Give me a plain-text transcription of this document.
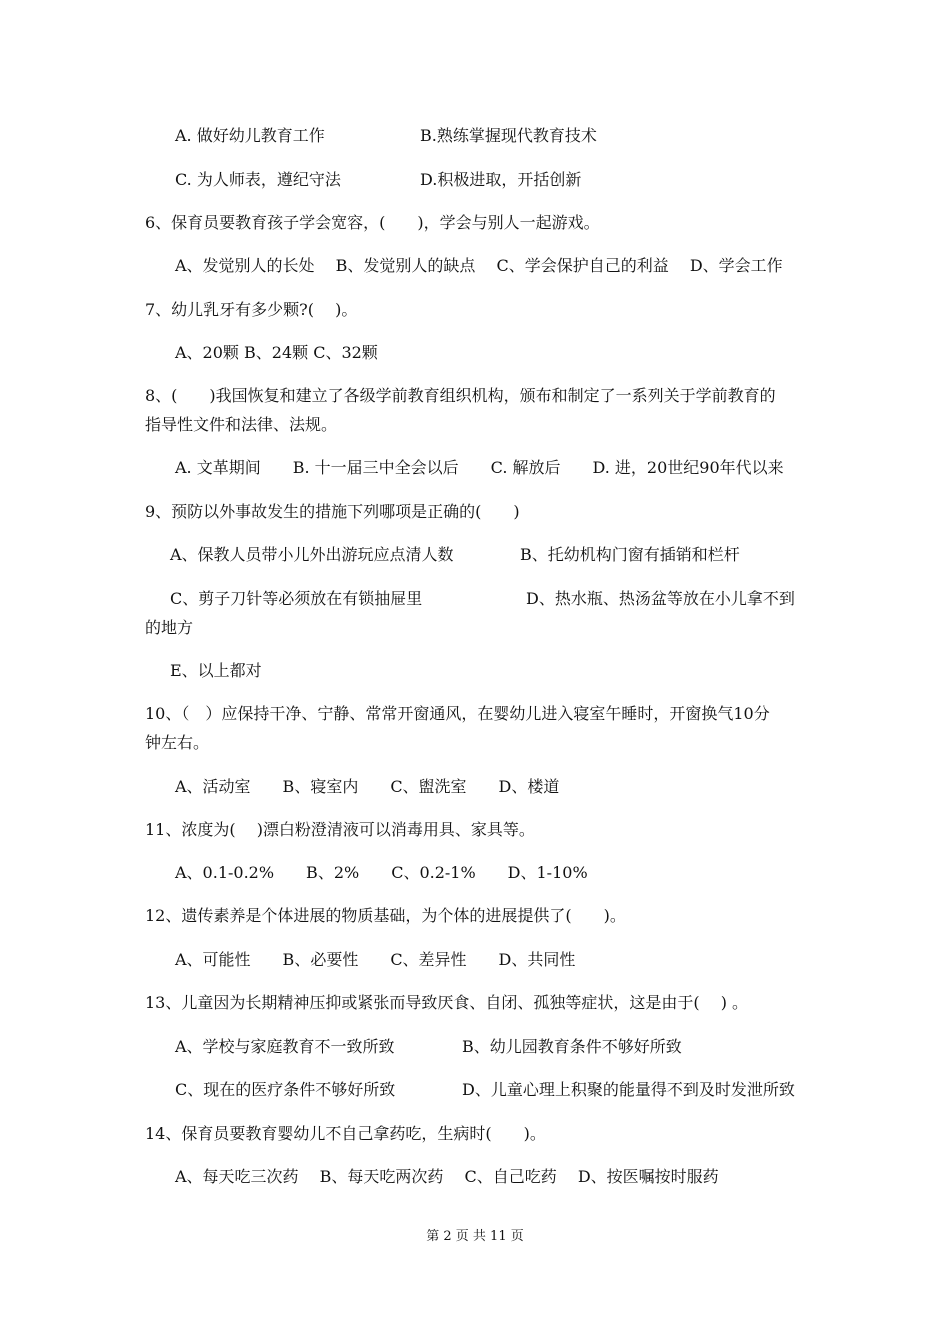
A. 做好幼儿教育工作	B.熟练掌握现代教育技术
C. 为人师表，遵纪守法	D.积极进取，开括创新
6、保育员要教育孩子学会宽容，(　　)，学会与别人一起游戏。
A、发觉别人的长处　 B、发觉别人的缺点　 C、学会保护自己的利益　 D、学会工作
7、幼儿乳牙有多少颗?(　 )。
A、20颗 B、24颗 C、32颗
8、(　　)我国恢复和建立了各级学前教育组织机构，颁布和制定了一系列关于学前教育的
指导性文件和法律、法规。
A. 文革期间　　B. 十一届三中全会以后　　C. 解放后　　D. 进，20世纪90年代以来
9、预防以外事故发生的措施下列哪项是正确的(　　)
A、保教人员带小儿外出游玩应点清人数	B、托幼机构门窗有插销和栏杆
C、剪子刀针等必须放在有锁抽屉里	D、热水瓶、热汤盆等放在小儿拿不到
的地方
E、以上都对
10、（　）应保持干净、宁静、常常开窗通风，在婴幼儿进入寝室午睡时，开窗换气10分
钟左右。
A、活动室　　B、寝室内　　C、盥洗室　　D、楼道
11、浓度为(　 )漂白粉澄清液可以消毒用具、家具等。
A、0.1-0.2%　　B、2%　　C、0.2-1%　　D、1-10%
12、遗传素养是个体进展的物质基础，为个体的进展提供了(　　)。
A、可能性　　B、必要性　　C、差异性　　D、共同性
13、儿童因为长期精神压抑或紧张而导致厌食、自闭、孤独等症状，这是由于(　 ) 。
A、学校与家庭教育不一致所致	B、幼儿园教育条件不够好所致
C、现在的医疗条件不够好所致	D、儿童心理上积聚的能量得不到及时发泄所致
14、保育员要教育婴幼儿不自己拿药吃，生病时(　　)。
A、每天吃三次药　 B、每天吃两次药　 C、自己吃药　 D、按医嘱按时服药
第 2 页 共 11 页
